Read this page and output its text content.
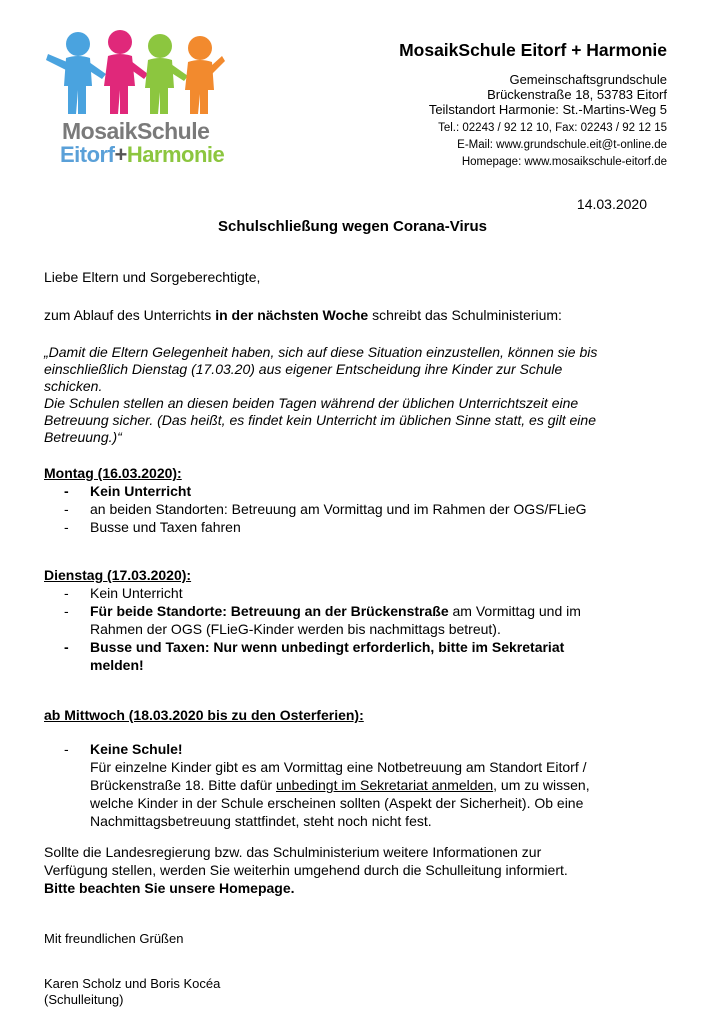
MosaikSchule
Eitorf+Harmonie
MosaikSchule Eitorf + Harmonie
Gemeinschaftsgrundschule
Brückenstraße 18, 53783 Eitorf
Teilstandort Harmonie: St.-Martins-Weg 5
Tel.: 02243 / 92 12 10, Fax: 02243 / 92 12 15
E-Mail: www.grundschule.eit@t-online.de
Homepage: www.mosaikschule-eitorf.de
14.03.2020
Schulschließung wegen Corana-Virus
Liebe Eltern und Sorgeberechtigte,
zum Ablauf des Unterrichts in der nächsten Woche schreibt das Schulministerium:
„Damit die Eltern Gelegenheit haben, sich auf diese Situation einzustellen, können sie bis
einschließlich Dienstag (17.03.20) aus eigener Entscheidung ihre Kinder zur Schule
schicken.
Die Schulen stellen an diesen beiden Tagen während der üblichen Unterrichtszeit eine
Betreuung sicher. (Das heißt, es findet kein Unterricht im üblichen Sinne statt, es gilt eine
Betreuung.)“
Montag (16.03.2020):
- Kein Unterricht
- an beiden Standorten: Betreuung am Vormittag und im Rahmen der OGS/FLieG
- Busse und Taxen fahren
Dienstag (17.03.2020):
- Kein Unterricht
- Für beide Standorte: Betreuung an der Brückenstraße am Vormittag und im
Rahmen der OGS (FLieG-Kinder werden bis nachmittags betreut).
- Busse und Taxen: Nur wenn unbedingt erforderlich, bitte im Sekretariat
melden!
ab Mittwoch (18.03.2020 bis zu den Osterferien):
- Keine Schule!
Für einzelne Kinder gibt es am Vormittag eine Notbetreuung am Standort Eitorf /
Brückenstraße 18. Bitte dafür unbedingt im Sekretariat anmelden, um zu wissen,
welche Kinder in der Schule erscheinen sollten (Aspekt der Sicherheit). Ob eine
Nachmittagsbetreuung stattfindet, steht noch nicht fest.
Sollte die Landesregierung bzw. das Schulministerium weitere Informationen zur
Verfügung stellen, werden Sie weiterhin umgehend durch die Schulleitung informiert.
Bitte beachten Sie unsere Homepage.
Mit freundlichen Grüßen
Karen Scholz und Boris Kocéa
(Schulleitung)
